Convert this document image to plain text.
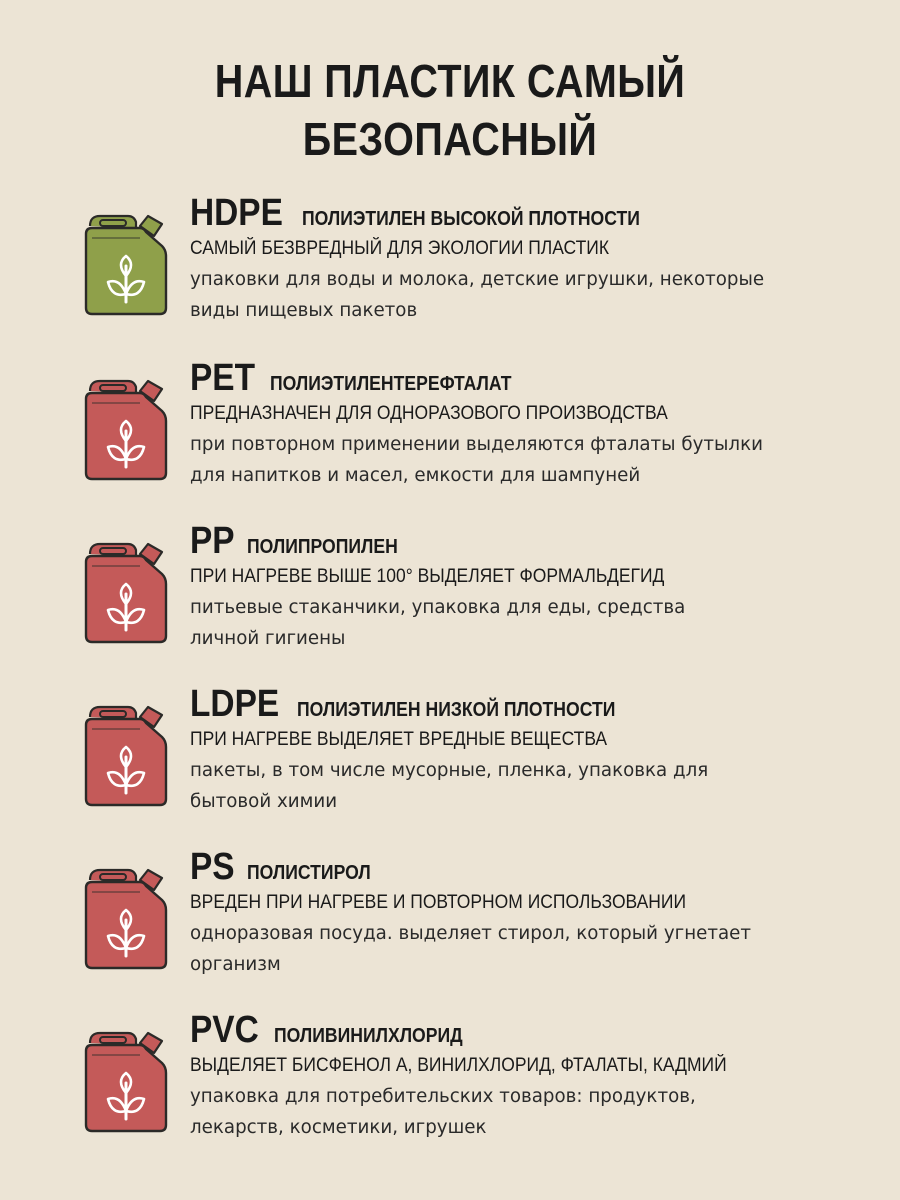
НАШ ПЛАСТИК САМЫЙ
БЕЗОПАСНЫЙ
HDPE ПОЛИЭТИЛЕН ВЫСОКОЙ ПЛОТНОСТИ
САМЫЙ БЕЗВРЕДНЫЙ ДЛЯ ЭКОЛОГИИ ПЛАСТИК
упаковки для воды и молока, детские игрушки, некоторые виды пищевых пакетов
PET ПОЛИЭТИЛЕНТЕРЕФТАЛАТ
ПРЕДНАЗНАЧЕН ДЛЯ ОДНОРАЗОВОГО ПРОИЗВОДСТВА
при повторном применении выделяются фталаты бутылки для напитков и масел, емкости для шампуней
PP ПОЛИПРОПИЛЕН
ПРИ НАГРЕВЕ ВЫШЕ 100° ВЫДЕЛЯЕТ ФОРМАЛЬДЕГИД
питьевые стаканчики, упаковка для еды, средства личной гигиены
LDPE ПОЛИЭТИЛЕН НИЗКОЙ ПЛОТНОСТИ
ПРИ НАГРЕВЕ ВЫДЕЛЯЕТ ВРЕДНЫЕ ВЕЩЕСТВА
пакеты, в том числе мусорные, пленка, упаковка для бытовой химии
PS ПОЛИСТИРОЛ
ВРЕДЕН ПРИ НАГРЕВЕ И ПОВТОРНОМ ИСПОЛЬЗОВАНИИ
одноразовая посуда. выделяет стирол, который угнетает организм
PVC ПОЛИВИНИЛХЛОРИД
ВЫДЕЛЯЕТ БИСФЕНОЛ А, ВИНИЛХЛОРИД, ФТАЛАТЫ, КАДМИЙ
упаковка для потребительских товаров: продуктов, лекарств, косметики, игрушек
